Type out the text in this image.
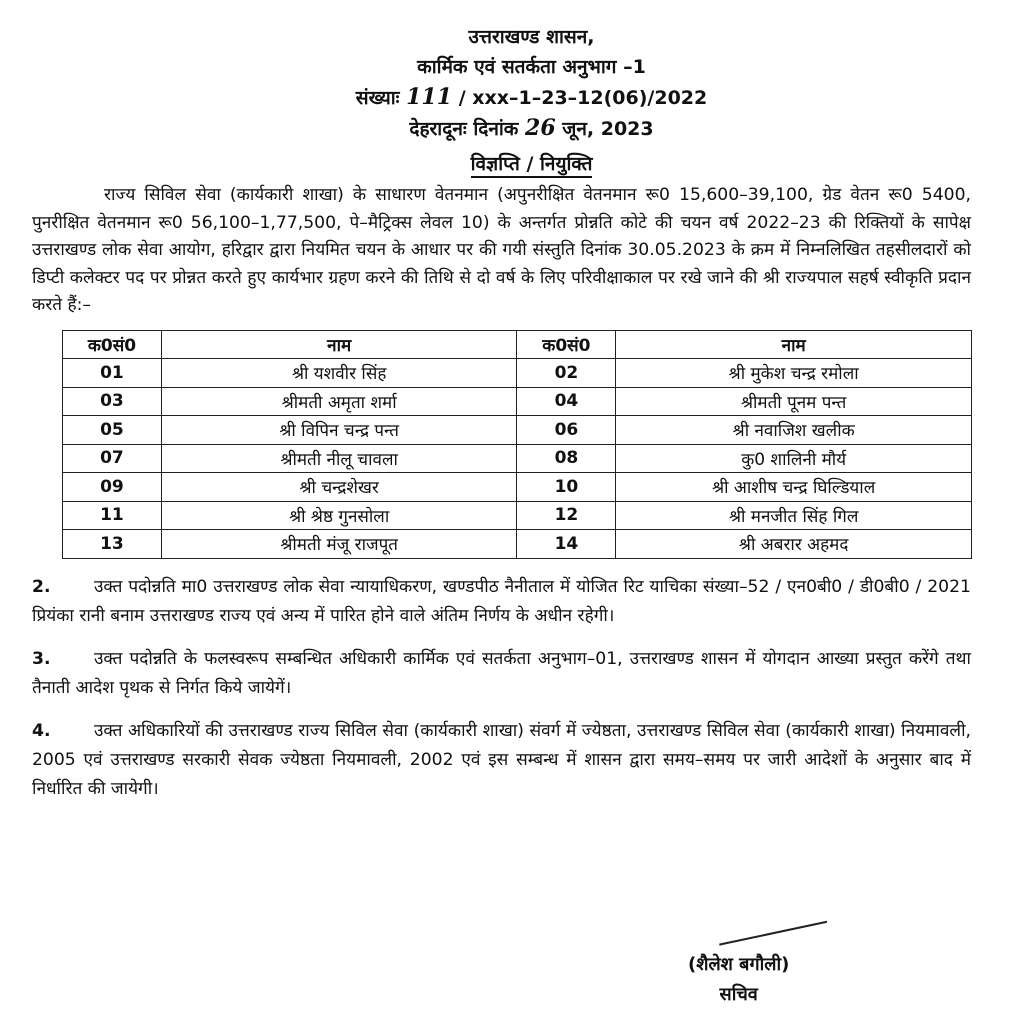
उत्तराखण्ड शासन,
कार्मिक एवं सतर्कता अनुभाग –1
संख्याः 111 / xxx–1–23–12(06)/2022
देहरादूनः दिनांक 26 जून, 2023
विज्ञप्ति / नियुक्ति

राज्य सिविल सेवा (कार्यकारी शाखा) के साधारण वेतनमान (अपुनरीक्षित वेतनमान रू0 15,600–39,100, ग्रेड वेतन रू0 5400, पुनरीक्षित वेतनमान रू0 56,100–1,77,500, पे–मैट्रिक्स लेवल 10) के अन्तर्गत प्रोन्नति कोटे की चयन वर्ष 2022–23 की रिक्तियों के सापेक्ष उत्तराखण्ड लोक सेवा आयोग, हरिद्वार द्वारा नियमित चयन के आधार पर की गयी संस्तुति दिनांक 30.05.2023 के क्रम में निम्नलिखित तहसीलदारों को डिप्टी कलेक्टर पद पर प्रोन्नत करते हुए कार्यभार ग्रहण करने की तिथि से दो वर्ष के लिए परिवीक्षाकाल पर रखे जाने की श्री राज्यपाल सहर्ष स्वीकृति प्रदान करते हैं:–

क0सं0	नाम	क0सं0	नाम
01	श्री यशवीर सिंह	02	श्री मुकेश चन्द्र रमोला
03	श्रीमती अमृता शर्मा	04	श्रीमती पूनम पन्त
05	श्री विपिन चन्द्र पन्त	06	श्री नवाजिश खलीक
07	श्रीमती नीलू चावला	08	कु0 शालिनी मौर्य
09	श्री चन्द्रशेखर	10	श्री आशीष चन्द्र घिल्डियाल
11	श्री श्रेष्ठ गुनसोला	12	श्री मनजीत सिंह गिल
13	श्रीमती मंजू राजपूत	14	श्री अबरार अहमद
2.	उक्त पदोन्नति मा0 उत्तराखण्ड लोक सेवा न्यायाधिकरण, खण्डपीठ नैनीताल में योजित रिट याचिका संख्या–52 / एन0बी0 / डी0बी0 / 2021 प्रियंका रानी बनाम उत्तराखण्ड राज्य एवं अन्य में पारित होने वाले अंतिम निर्णय के अधीन रहेगी।
3.	उक्त पदोन्नति के फलस्वरूप सम्बन्धित अधिकारी कार्मिक एवं सतर्कता अनुभाग–01, उत्तराखण्ड शासन में योगदान आख्या प्रस्तुत करेंगे तथा तैनाती आदेश पृथक से निर्गत किये जायेगें।
4.	उक्त अधिकारियों की उत्तराखण्ड राज्य सिविल सेवा (कार्यकारी शाखा) संवर्ग में ज्येष्ठता, उत्तराखण्ड सिविल सेवा (कार्यकारी शाखा) नियमावली, 2005 एवं उत्तराखण्ड सरकारी सेवक ज्येष्ठता नियमावली, 2002 एवं इस सम्बन्ध में शासन द्वारा समय–समय पर जारी आदेशों के अनुसार बाद में निर्धारित की जायेगी।
(शैलेश बगौली)
सचिव
